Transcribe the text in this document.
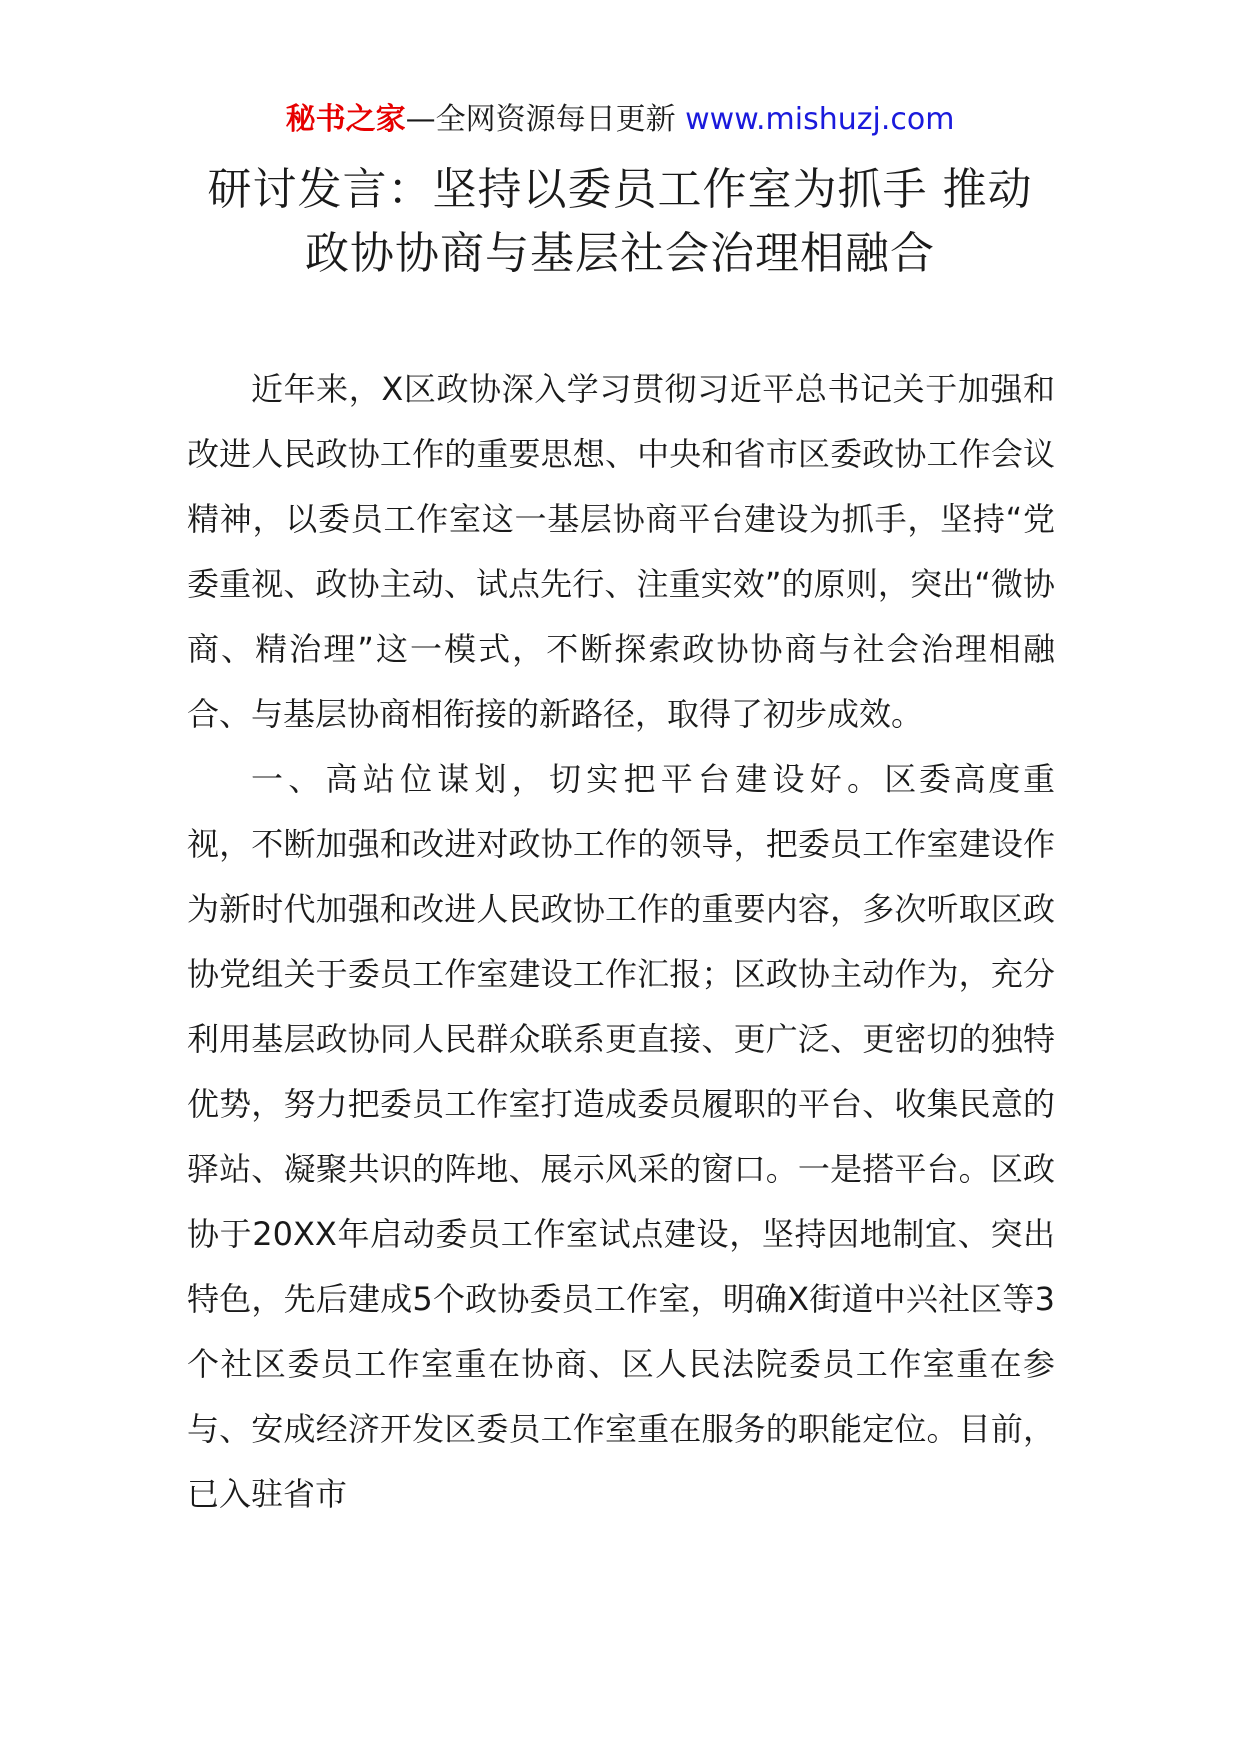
秘书之家—全网资源每日更新 www.mishuzj.com
研讨发言：坚持以委员工作室为抓手 推动
政协协商与基层社会治理相融合

近年来，X区政协深入学习贯彻习近平总书记关于加强和改进人民政协工作的重要思想、中央和省市区委政协工作会议精神，以委员工作室这一基层协商平台建设为抓手，坚持“党委重视、政协主动、试点先行、注重实效”的原则，突出“微协商、精治理”这一模式，不断探索政协协商与社会治理相融合、与基层协商相衔接的新路径，取得了初步成效。

一、高站位谋划，切实把平台建设好。区委高度重视，不断加强和改进对政协工作的领导，把委员工作室建设作为新时代加强和改进人民政协工作的重要内容，多次听取区政协党组关于委员工作室建设工作汇报；区政协主动作为，充分利用基层政协同人民群众联系更直接、更广泛、更密切的独特优势，努力把委员工作室打造成委员履职的平台、收集民意的驿站、凝聚共识的阵地、展示风采的窗口。一是搭平台。区政协于20XX年启动委员工作室试点建设，坚持因地制宜、突出特色，先后建成5个政协委员工作室，明确X街道中兴社区等3个社区委员工作室重在协商、区人民法院委员工作室重在参与、安成经济开发区委员工作室重在服务的职能定位。目前，已入驻省市
